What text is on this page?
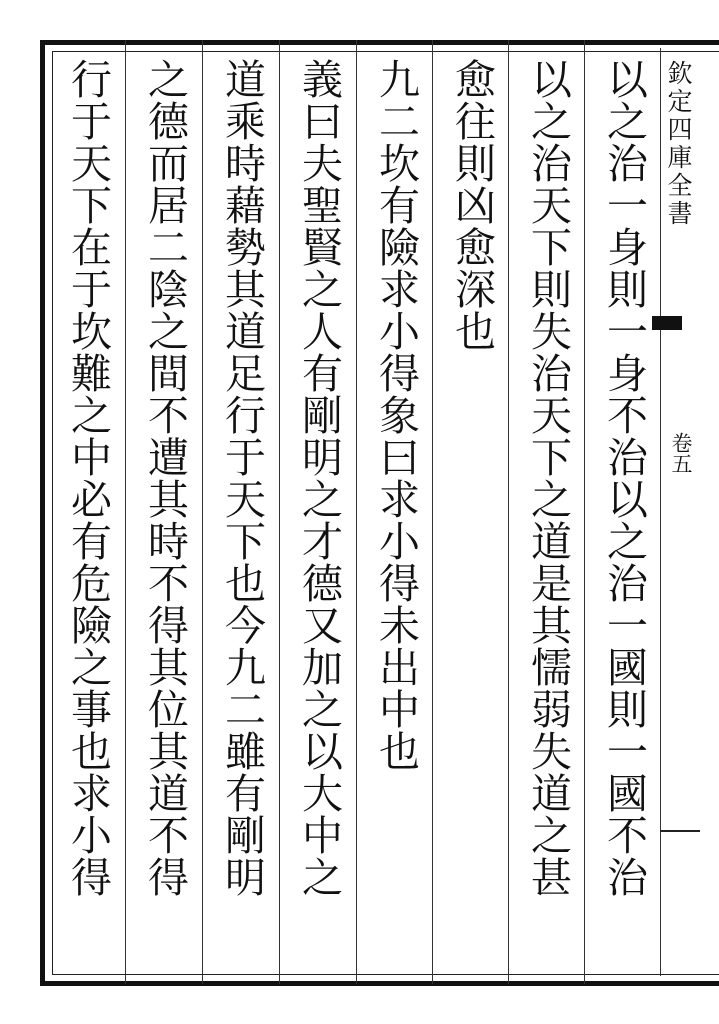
欽定四庫全書
卷五
以之治一身則一身不治以之治一國則一國不治
以之治天下則失治天下之道是其懦弱失道之甚
愈往則凶愈深也
九二坎有險求小得象曰求小得未出中也
義曰夫聖賢之人有剛明之才德又加之以大中之
道乘時藉勢其道足行于天下也今九二雖有剛明
之德而居二陰之間不遭其時不得其位其道不得
行于天下在于坎難之中必有危險之事也求小得
